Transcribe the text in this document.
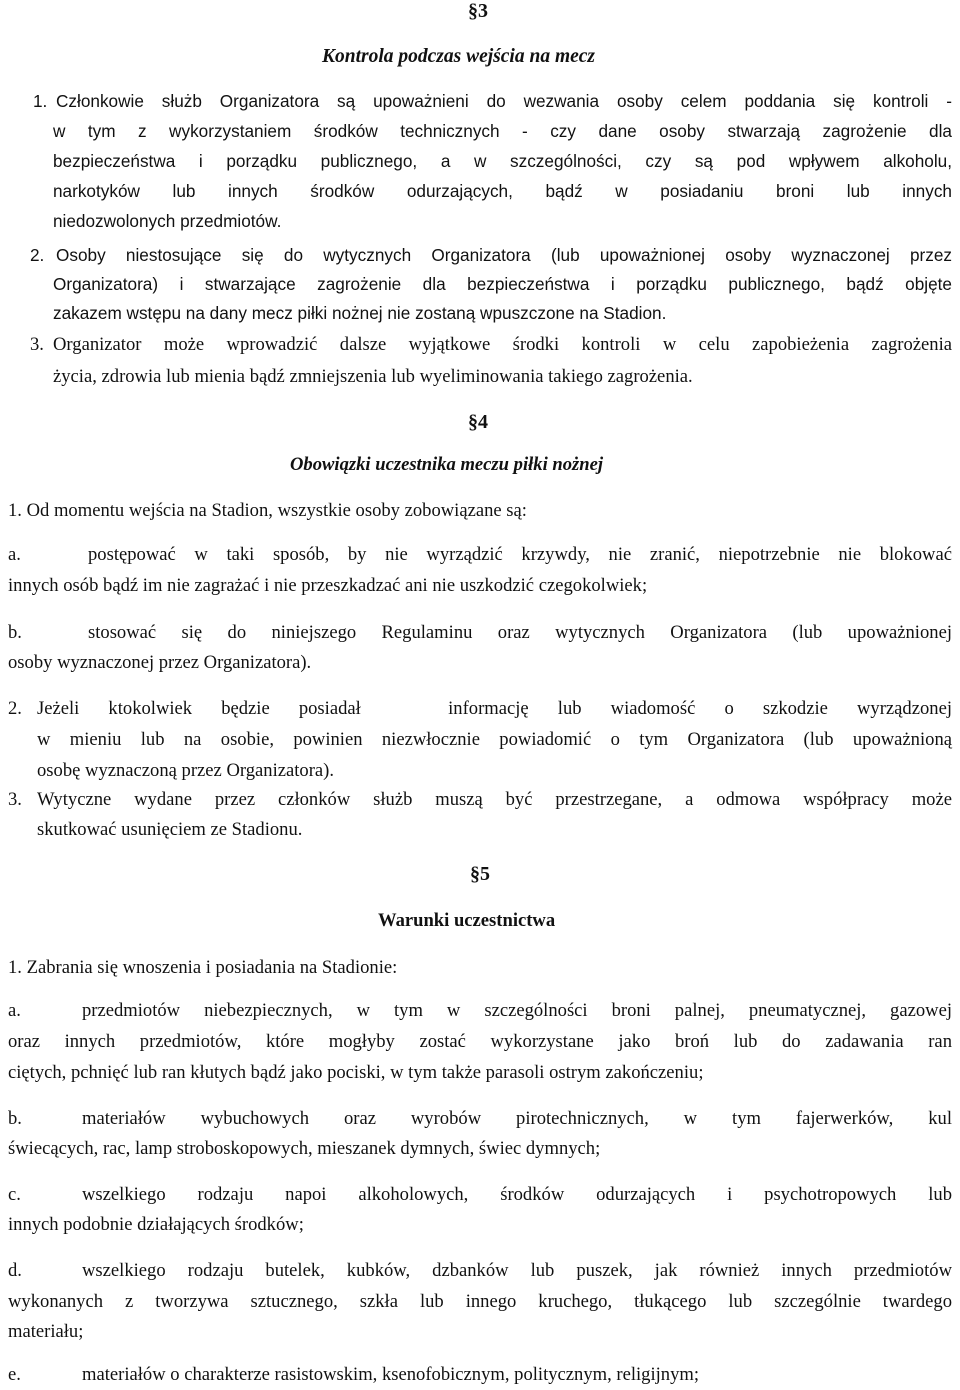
§3
Kontrola podczas wejścia na mecz
1. Członkowie służb Organizatora są upoważnieni do wezwania osoby celem poddania się kontroli -
w tym z wykorzystaniem środków technicznych - czy dane osoby stwarzają zagrożenie dla
bezpieczeństwa i porządku publicznego, a w szczególności, czy są pod wpływem alkoholu,
narkotyków lub innych środków odurzających, bądź w posiadaniu broni lub innych
niedozwolonych przedmiotów.
2. Osoby niestosujące się do wytycznych Organizatora (lub upoważnionej osoby wyznaczonej przez
Organizatora) i stwarzające zagrożenie dla bezpieczeństwa i porządku publicznego, bądź objęte
zakazem wstępu na dany mecz piłki nożnej nie zostaną wpuszczone na Stadion.
3. Organizator może wprowadzić dalsze wyjątkowe środki kontroli w celu zapobieżenia zagrożenia
życia, zdrowia lub mienia bądź zmniejszenia lub wyeliminowania takiego zagrożenia.
§4
Obowiązki uczestnika meczu piłki nożnej
1. Od momentu wejścia na Stadion, wszystkie osoby zobowiązane są:
a.	postępować w taki sposób, by nie wyrządzić krzywdy, nie zranić, niepotrzebnie nie blokować
innych osób bądź im nie zagrażać i nie przeszkadzać ani nie uszkodzić czegokolwiek;
b.	stosować się do niniejszego Regulaminu oraz wytycznych Organizatora (lub upoważnionej
osoby wyznaczonej przez Organizatora).
2. Jeżeli ktokolwiek będzie posiadał   informację lub wiadomość o szkodzie wyrządzonej
w mieniu lub na osobie, powinien niezwłocznie powiadomić o tym Organizatora (lub upoważnioną
osobę wyznaczoną przez Organizatora).
3. Wytyczne wydane przez członków służb muszą być przestrzegane, a odmowa współpracy może
skutkować usunięciem ze Stadionu.
§5
Warunki uczestnictwa
1. Zabrania się wnoszenia i posiadania na Stadionie:
a.	przedmiotów niebezpiecznych, w tym w szczególności broni palnej, pneumatycznej, gazowej
oraz innych przedmiotów, które mogłyby zostać wykorzystane jako broń lub do zadawania ran
ciętych, pchnięć lub ran kłutych bądź jako pociski, w tym także parasoli ostrym zakończeniu;
b.	materiałów wybuchowych oraz wyrobów pirotechnicznych, w tym fajerwerków, kul
świecących, rac, lamp stroboskopowych, mieszanek dymnych, świec dymnych;
c.	wszelkiego rodzaju napoi alkoholowych, środków odurzających i psychotropowych lub
innych podobnie działających środków;
d.	wszelkiego rodzaju butelek, kubków, dzbanków lub puszek, jak również innych przedmiotów
wykonanych z tworzywa sztucznego, szkła lub innego kruchego, tłukącego lub szczególnie twardego
materiału;
e.	materiałów o charakterze rasistowskim, ksenofobicznym, politycznym, religijnym;
